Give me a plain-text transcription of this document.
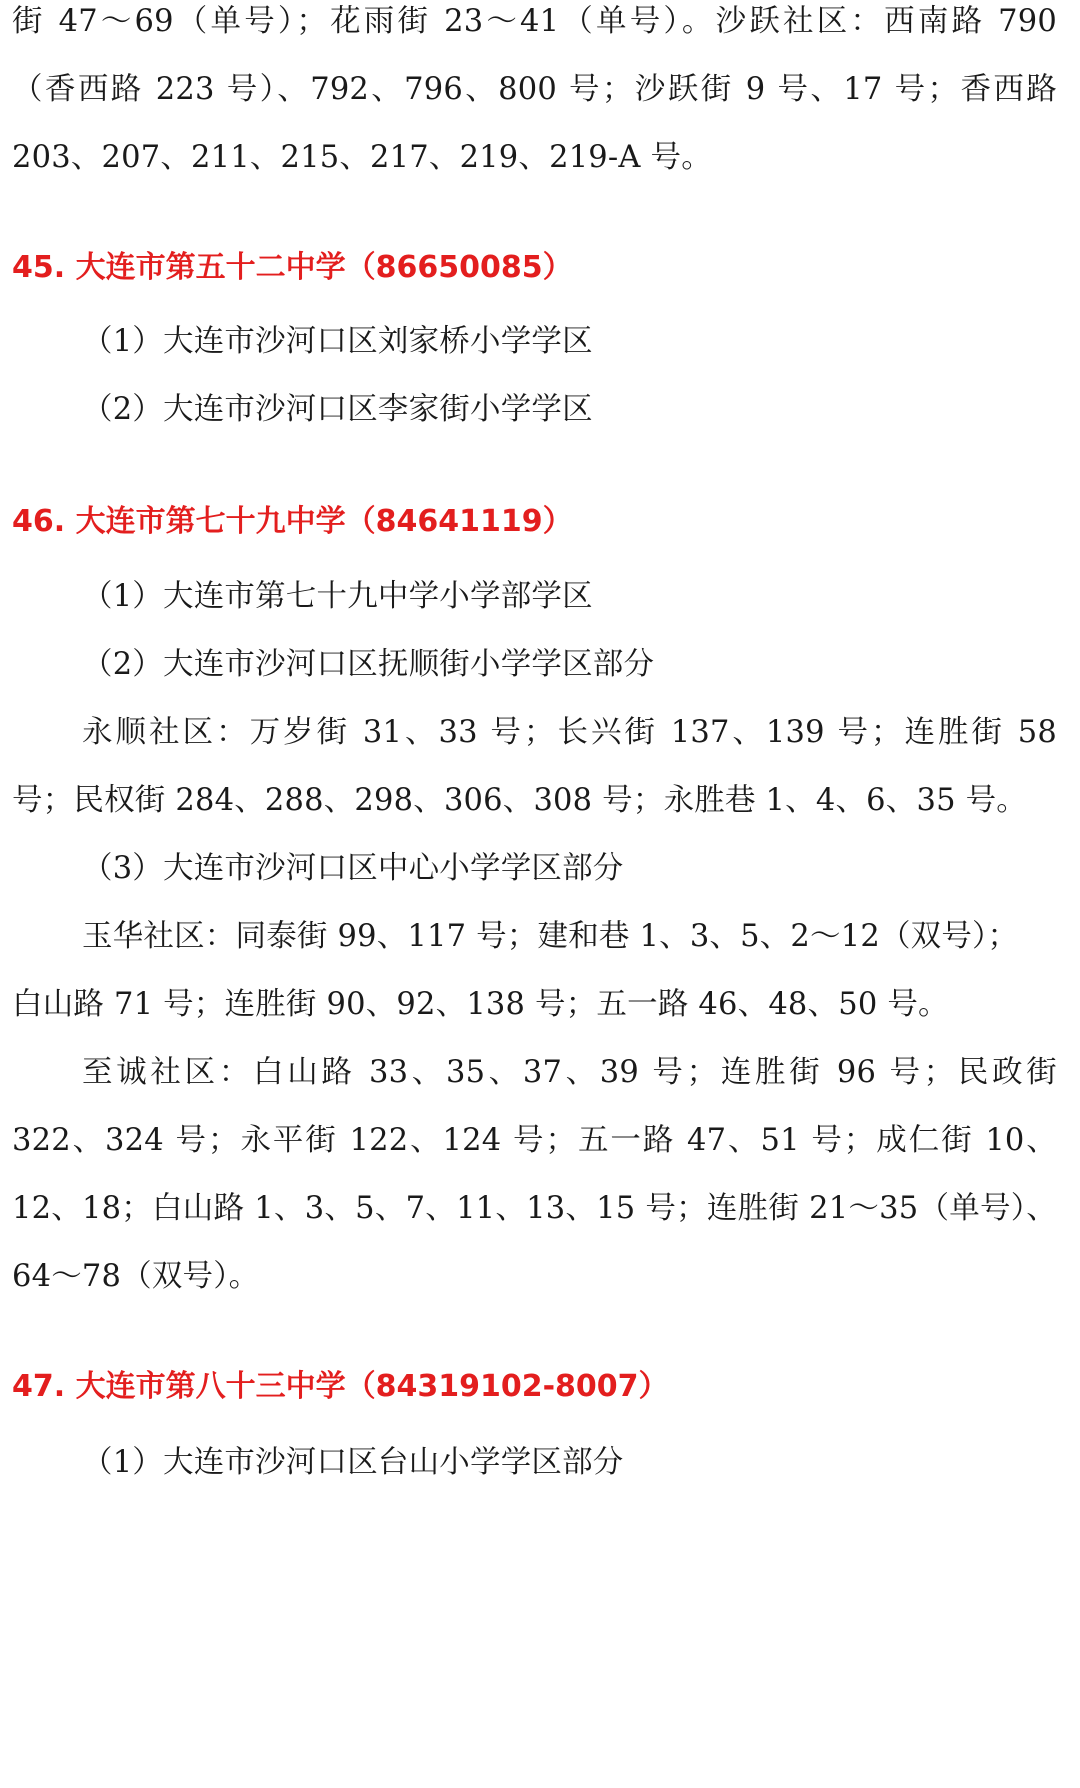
街 47～69（单号）；花雨街 23～41（单号）。沙跃社区：西南路 790
（香西路 223 号）、792、796、800 号；沙跃街 9 号、17 号；香西路
203、207、211、215、217、219、219-A 号。
45. 大连市第五十二中学（86650085）
（1）大连市沙河口区刘家桥小学学区
（2）大连市沙河口区李家街小学学区
46. 大连市第七十九中学（84641119）
（1）大连市第七十九中学小学部学区
（2）大连市沙河口区抚顺街小学学区部分
永顺社区：万岁街 31、33 号；长兴街 137、139 号；连胜街 58
号；民权街 284、288、298、306、308 号；永胜巷 1、4、6、35 号。
（3）大连市沙河口区中心小学学区部分
玉华社区：同泰街 99、117 号；建和巷 1、3、5、2～12（双号）；
白山路 71 号；连胜街 90、92、138 号；五一路 46、48、50 号。
至诚社区：白山路 33、35、37、39 号；连胜街 96 号；民政街
322、324 号；永平街 122、124 号；五一路 47、51 号；成仁街 10、
12、18；白山路 1、3、5、7、11、13、15 号；连胜街 21～35（单号）、
64～78（双号）。
47. 大连市第八十三中学（84319102-8007）
（1）大连市沙河口区台山小学学区部分
